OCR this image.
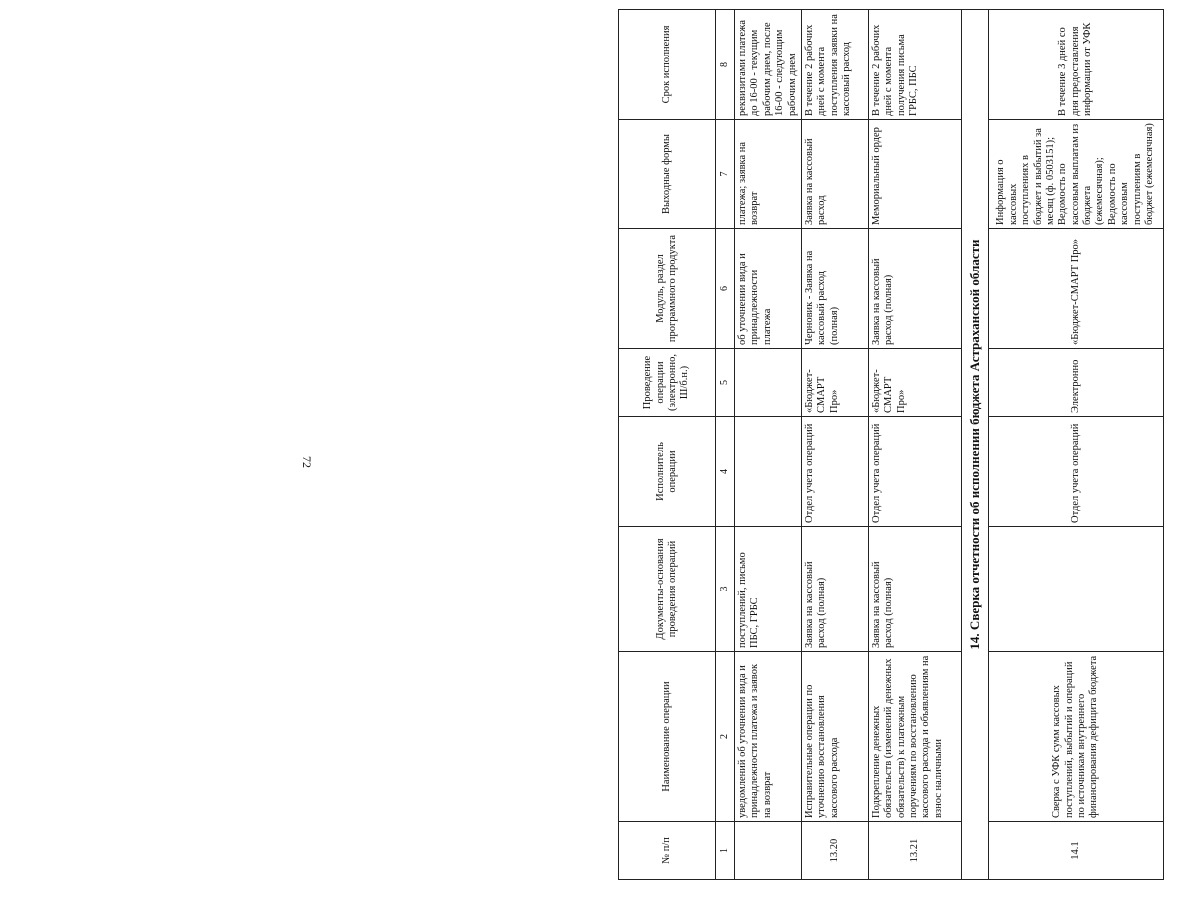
72
№ п/п	Наименование операции	Документы-основания проведения операций	Исполнитель операции	Проведение операции (электронно, Ш/б.н.)	Модуль, раздел программного продукта	Выходные формы	Срок исполнения
1	2	3	4	5	6	7	8
	уведомлений об уточнении вида и принадлежности платежа и заявок на возврат	поступлений, письмо ПБС, ГРБС			об уточнении вида и принадлежности платежа	платежа; заявка на возврат	реквизитами платежа до 16-00 - текущим рабочим днем, после 16-00 - следующим рабочим днем
13.20	Исправительные операции по уточнению восстановления кассового расхода	Заявка на кассовый расход (полная)	Отдел учета операций	«Бюджет-СМАРТ Про»	Черновик - Заявка на кассовый расход (полная)	Заявка на кассовый расход	В течение 2 рабочих дней с момента поступления заявки на кассовый расход
13.21	Подкрепление денежных обязательств (изменений денежных обязательств) к платежным поручениям по восстановлению кассового расхода и объявлениям на взнос наличными	Заявка на кассовый расход (полная)	Отдел учета операций	«Бюджет-СМАРТ Про»	Заявка на кассовый расход (полная)	Мемориальный ордер	В течение 2 рабочих дней с момента получения письма ГРБС, ПБС
14. Сверка отчетности об исполнении бюджета Астраханской области							
14.1	Сверка с УФК сумм кассовых поступлений, выбытий и операций по источникам внутреннего финансирования дефицита бюджета		Отдел учета операций	Электронно	«Бюджет-СМАРТ Про»	Информация о кассовых поступлениях в бюджет и выбытий за месяц (ф. 0503151); Ведомость по кассовым выплатам из бюджета (ежемесячная); Ведомость по кассовым поступлениям в бюджет (ежемесячная)	В течение 3 дней со дня предоставления информации от УФК
